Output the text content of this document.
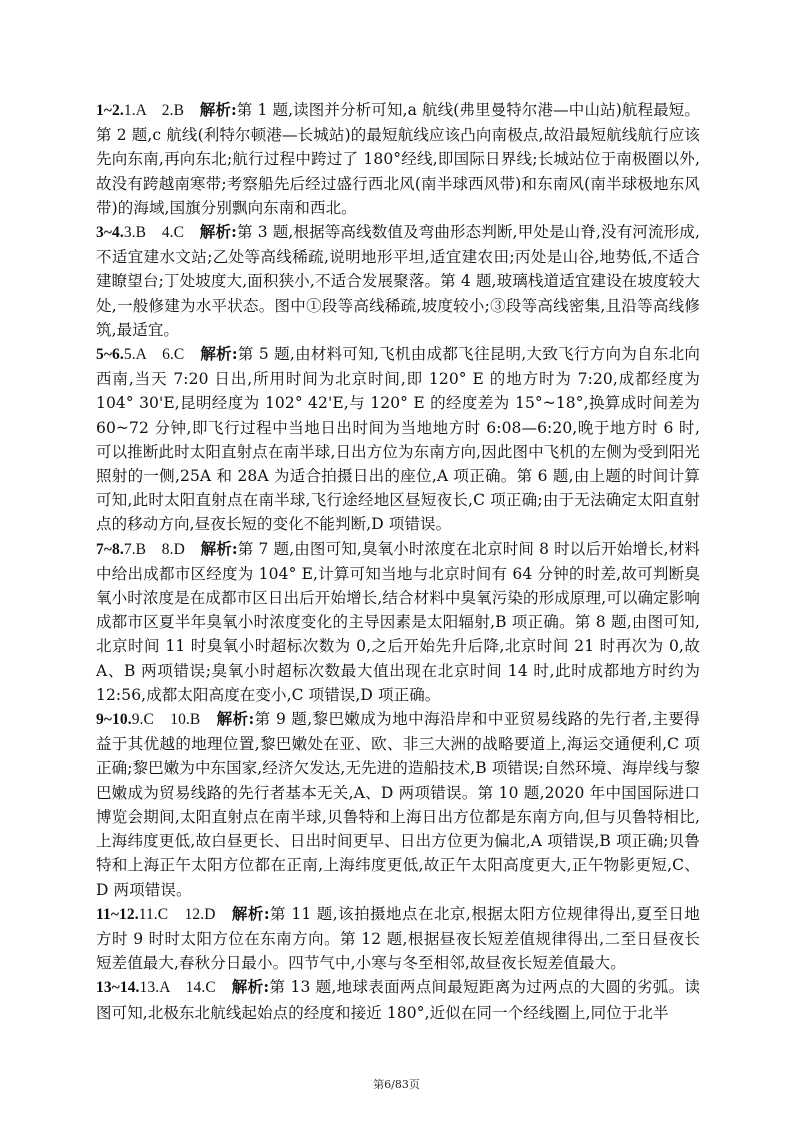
1~2.1.A　2.B　解析:第 1 题,读图并分析可知,a 航线(弗里曼特尔港—中山站)航程最短。第 2 题,c 航线(利特尔顿港—长城站)的最短航线应该凸向南极点,故沿最短航线航行应该先向东南,再向东北;航行过程中跨过了 180°经线,即国际日界线;长城站位于南极圈以外,故没有跨越南寒带;考察船先后经过盛行西北风(南半球西风带)和东南风(南半球极地东风带)的海域,国旗分别飘向东南和西北。

3~4.3.B　4.C　解析:第 3 题,根据等高线数值及弯曲形态判断,甲处是山脊,没有河流形成,不适宜建水文站;乙处等高线稀疏,说明地形平坦,适宜建农田;丙处是山谷,地势低,不适合建瞭望台;丁处坡度大,面积狭小,不适合发展聚落。第 4 题,玻璃栈道适宜建设在坡度较大处,一般修建为水平状态。图中①段等高线稀疏,坡度较小;③段等高线密集,且沿等高线修筑,最适宜。

5~6.5.A　6.C　解析:第 5 题,由材料可知,飞机由成都飞往昆明,大致飞行方向为自东北向西南,当天 7:20 日出,所用时间为北京时间,即 120° E 的地方时为 7:20,成都经度为 104° 30'E,昆明经度为 102° 42'E,与 120° E 的经度差为 15°~18°,换算成时间差为 60~72 分钟,即飞行过程中当地日出时间为当地地方时 6:08—6:20,晚于地方时 6 时,可以推断此时太阳直射点在南半球,日出方位为东南方向,因此图中飞机的左侧为受到阳光照射的一侧,25A 和 28A 为适合拍摄日出的座位,A 项正确。第 6 题,由上题的时间计算可知,此时太阳直射点在南半球,飞行途经地区昼短夜长,C 项正确;由于无法确定太阳直射点的移动方向,昼夜长短的变化不能判断,D 项错误。

7~8.7.B　8.D　解析:第 7 题,由图可知,臭氧小时浓度在北京时间 8 时以后开始增长,材料中给出成都市区经度为 104° E,计算可知当地与北京时间有 64 分钟的时差,故可判断臭氧小时浓度是在成都市区日出后开始增长,结合材料中臭氧污染的形成原理,可以确定影响成都市区夏半年臭氧小时浓度变化的主导因素是太阳辐射,B 项正确。第 8 题,由图可知,北京时间 11 时臭氧小时超标次数为 0,之后开始先升后降,北京时间 21 时再次为 0,故 A、B 两项错误;臭氧小时超标次数最大值出现在北京时间 14 时,此时成都地方时约为 12:56,成都太阳高度在变小,C 项错误,D 项正确。

9~10.9.C　10.B　解析:第 9 题,黎巴嫩成为地中海沿岸和中亚贸易线路的先行者,主要得益于其优越的地理位置,黎巴嫩处在亚、欧、非三大洲的战略要道上,海运交通便利,C 项正确;黎巴嫩为中东国家,经济欠发达,无先进的造船技术,B 项错误;自然环境、海岸线与黎巴嫩成为贸易线路的先行者基本无关,A、D 两项错误。第 10 题,2020 年中国国际进口博览会期间,太阳直射点在南半球,贝鲁特和上海日出方位都是东南方向,但与贝鲁特相比,上海纬度更低,故白昼更长、日出时间更早、日出方位更为偏北,A 项错误,B 项正确;贝鲁特和上海正午太阳方位都在正南,上海纬度更低,故正午太阳高度更大,正午物影更短,C、D 两项错误。

11~12.11.C　12.D　解析:第 11 题,该拍摄地点在北京,根据太阳方位规律得出,夏至日地方时 9 时时太阳方位在东南方向。第 12 题,根据昼夜长短差值规律得出,二至日昼夜长短差值最大,春秋分日最小。四节气中,小寒与冬至相邻,故昼夜长短差值最大。

13~14.13.A　14.C　解析:第 13 题,地球表面两点间最短距离为过两点的大圆的劣弧。读图可知,北极东北航线起始点的经度和接近 180°,近似在同一个经线圈上,同位于北半

第6/83页
